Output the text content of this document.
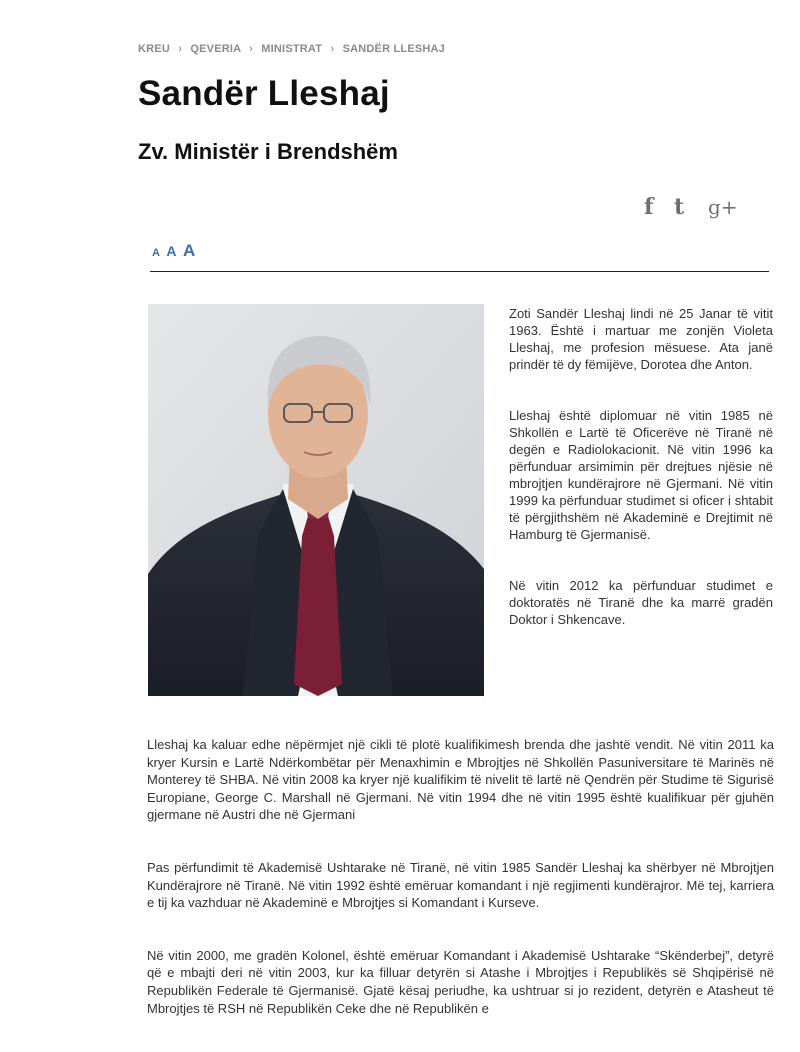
KREU › QEVERIA › MINISTRAT › SANDËR LLESHAJ
Sandër Lleshaj
Zv. Ministër i Brendshëm
f t	g+
A A A

Zoti Sandër Lleshaj lindi në 25 Janar të vitit 1963. Është i martuar me zonjën Violeta Lleshaj, me profesion mësuese. Ata janë prindër të dy fëmijëve, Dorotea dhe Anton.

Lleshaj është diplomuar në vitin 1985 në Shkollën e Lartë të Oficerëve në Tiranë në degën e Radiolokacionit. Në vitin 1996 ka përfunduar arsimimin për drejtues njësie në mbrojtjen kundërajrore në Gjermani. Në vitin 1999 ka përfunduar studimet si oficer i shtabit të përgjithshëm në Akademinë e Drejtimit në Hamburg të Gjermanisë.

Në vitin 2012 ka përfunduar studimet e doktoratës në Tiranë dhe ka marrë gradën Doktor i Shkencave.

Lleshaj ka kaluar edhe nëpërmjet një cikli të plotë kualifikimesh brenda dhe jashtë vendit. Në vitin 2011 ka kryer Kursin e Lartë Ndërkombëtar për Menaxhimin e Mbrojtjes në Shkollën Pasuniversitare të Marinës në Monterey të SHBA. Në vitin 2008 ka kryer një kualifikim të nivelit të lartë në Qendrën për Studime të Sigurisë Europiane, George C. Marshall në Gjermani. Në vitin 1994 dhe në vitin 1995 është kualifikuar për gjuhën gjermane në Austri dhe në Gjermani

Pas përfundimit të Akademisë Ushtarake në Tiranë, në vitin 1985 Sandër Lleshaj ka shërbyer në Mbrojtjen Kundërajrore në Tiranë. Në vitin 1992 është emëruar komandant i një regjimenti kundërajror. Më tej, karriera e tij ka vazhduar në Akademinë e Mbrojtjes si Komandant i Kurseve.

Në vitin 2000, me gradën Kolonel, është emëruar Komandant i Akademisë Ushtarake “Skënderbej”, detyrë që e mbajti deri në vitin 2003, kur ka filluar detyrën si Atashe i Mbrojtjes i Republikës së Shqipërisë në Republikën Federale të Gjermanisë. Gjatë kësaj periudhe, ka ushtruar si jo rezident, detyrën e Atasheut të Mbrojtjes të RSH në Republikën Ceke dhe në Republikën e
